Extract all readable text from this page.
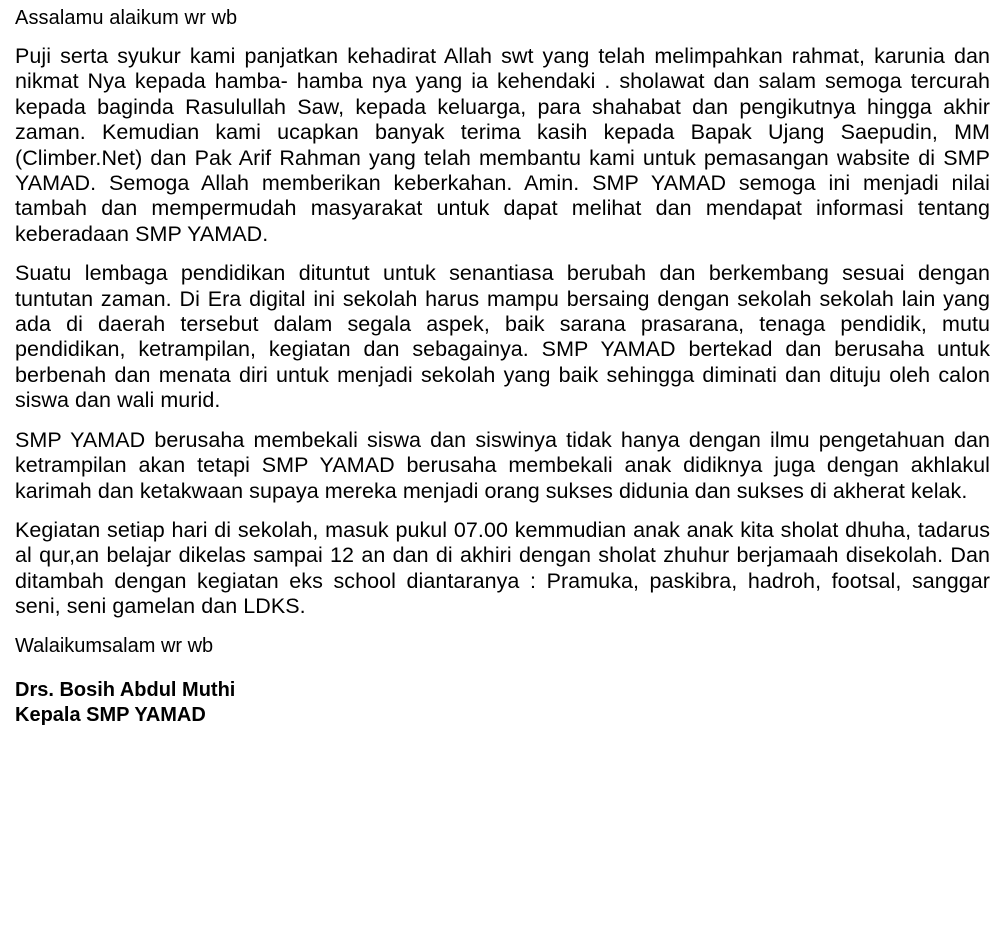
Assalamu alaikum wr wb

Puji serta syukur kami panjatkan kehadirat Allah swt yang telah melimpahkan rahmat, karunia dan nikmat Nya kepada hamba- hamba nya yang ia kehendaki . sholawat dan salam semoga tercurah kepada baginda Rasulullah Saw, kepada keluarga, para shahabat dan pengikutnya hingga akhir zaman. Kemudian kami ucapkan banyak terima kasih kepada Bapak Ujang Saepudin, MM (Climber.Net) dan Pak Arif Rahman yang telah membantu kami untuk pemasangan wabsite di SMP YAMAD. Semoga Allah memberikan keberkahan. Amin. SMP YAMAD semoga ini menjadi nilai tambah dan mempermudah masyarakat untuk dapat melihat dan mendapat informasi tentang keberadaan SMP YAMAD.

Suatu lembaga pendidikan dituntut untuk senantiasa berubah dan berkembang sesuai dengan tuntutan zaman. Di Era digital ini sekolah harus mampu bersaing dengan sekolah sekolah lain yang ada di daerah tersebut dalam segala aspek, baik sarana prasarana, tenaga pendidik, mutu pendidikan, ketrampilan, kegiatan dan sebagainya. SMP YAMAD bertekad dan berusaha untuk berbenah dan menata diri untuk menjadi sekolah yang baik sehingga diminati dan dituju oleh calon siswa dan wali murid.

SMP YAMAD berusaha membekali siswa dan siswinya tidak hanya dengan ilmu pengetahuan dan ketrampilan akan tetapi SMP YAMAD berusaha membekali anak didiknya juga dengan akhlakul karimah dan ketakwaan supaya mereka menjadi orang sukses didunia dan sukses di akherat kelak.

Kegiatan setiap hari di sekolah, masuk pukul 07.00 kemmudian anak anak kita sholat dhuha, tadarus al qur,an belajar dikelas sampai 12 an dan di akhiri dengan sholat zhuhur berjamaah disekolah. Dan ditambah dengan kegiatan eks school diantaranya : Pramuka, paskibra, hadroh, footsal, sanggar seni, seni gamelan dan LDKS.

Walaikumsalam wr wb

Drs. Bosih Abdul Muthi

Kepala SMP YAMAD
